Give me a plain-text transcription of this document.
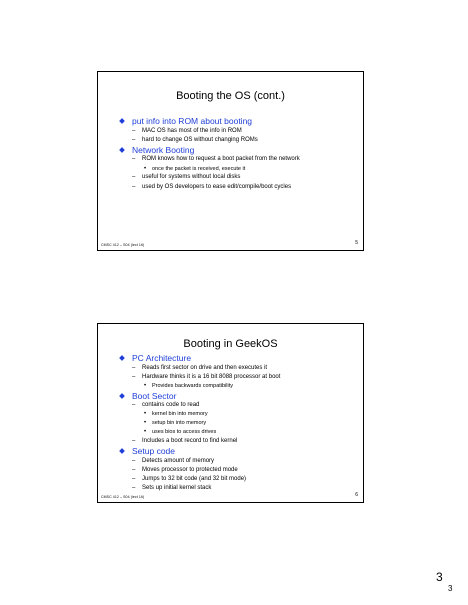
Booting the OS (cont.)
put info into ROM about booting
– MAC OS has most of the info in ROM
– hard to change OS without changing ROMs
Network Booting
– ROM knows how to request a boot packet from the network
• once the packet is received, execute it
– useful for systems without local disks
– used by OS developers to ease edit/compile/boot cycles
CMSC 412 – S04 (lect 16)	5
Booting in GeekOS
PC Architecture
– Reads first sector on drive and then executes it
– Hardware thinks it is a 16 bit 8088 processor at boot
• Provides backwards compatibility
Boot Sector
– contains code to read
• kernel bin into memory
• setup bin into memory
• uses bios to access drives
– Includes a boot record to find kernel
Setup code
– Detects amount of memory
– Moves processor to protected mode
– Jumps to 32 bit code (and 32 bit mode)
– Sets up initial kernel stack
CMSC 412 – S04 (lect 16)	6
3
3
